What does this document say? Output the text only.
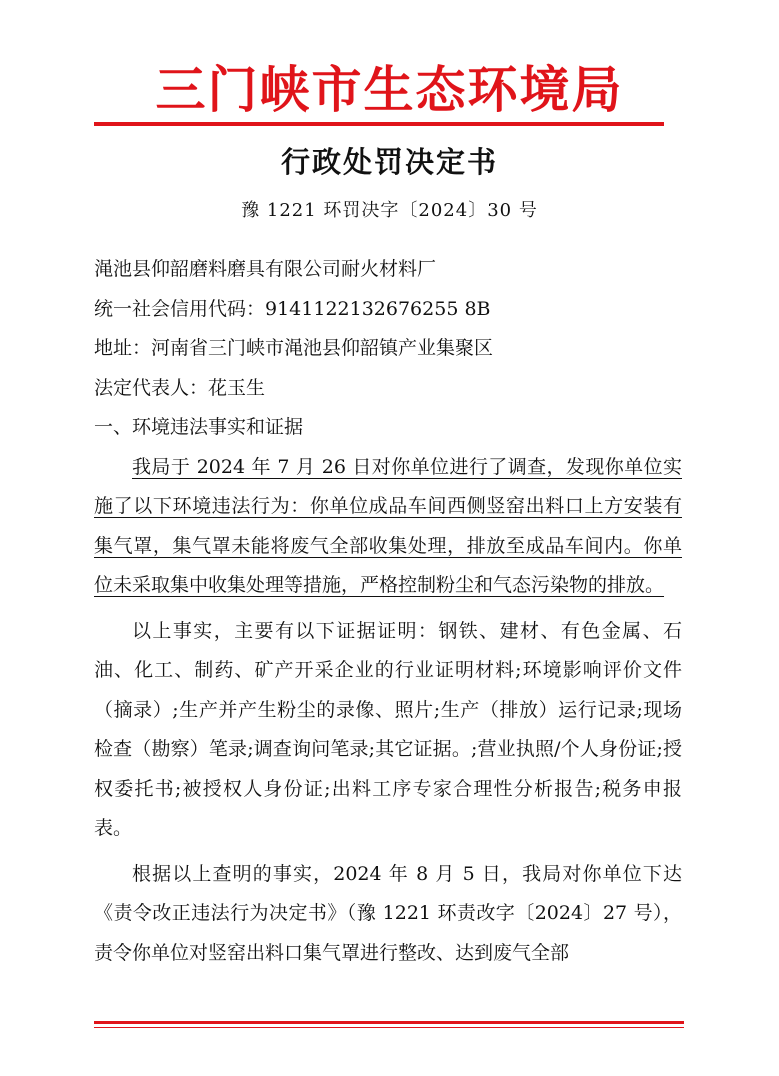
三门峡市生态环境局
行政处罚决定书
豫 1221 环罚决字〔2024〕30 号

渑池县仰韶磨料磨具有限公司耐火材料厂

统一社会信用代码：9141122132676255 8B

地址：河南省三门峡市渑池县仰韶镇产业集聚区

法定代表人：花玉生

一、环境违法事实和证据

我局于 2024 年 7 月 26 日对你单位进行了调查，发现你单位实施了以下环境违法行为：你单位成品车间西侧竖窑出料口上方安装有集气罩，集气罩未能将废气全部收集处理，排放至成品车间内。你单位未采取集中收集处理等措施，严格控制粉尘和气态污染物的排放。

以上事实，主要有以下证据证明：钢铁、建材、有色金属、石油、化工、制药、矿产开采企业的行业证明材料;环境影响评价文件（摘录）;生产并产生粉尘的录像、照片;生产（排放）运行记录;现场检查（勘察）笔录;调查询问笔录;其它证据。;营业执照/个人身份证;授权委托书;被授权人身份证;出料工序专家合理性分析报告;税务申报表。

根据以上查明的事实，2024 年 8 月 5 日，我局对你单位下达《责令改正违法行为决定书》（豫 1221 环责改字〔2024〕27 号），责令你单位对竖窑出料口集气罩进行整改、达到废气全部
